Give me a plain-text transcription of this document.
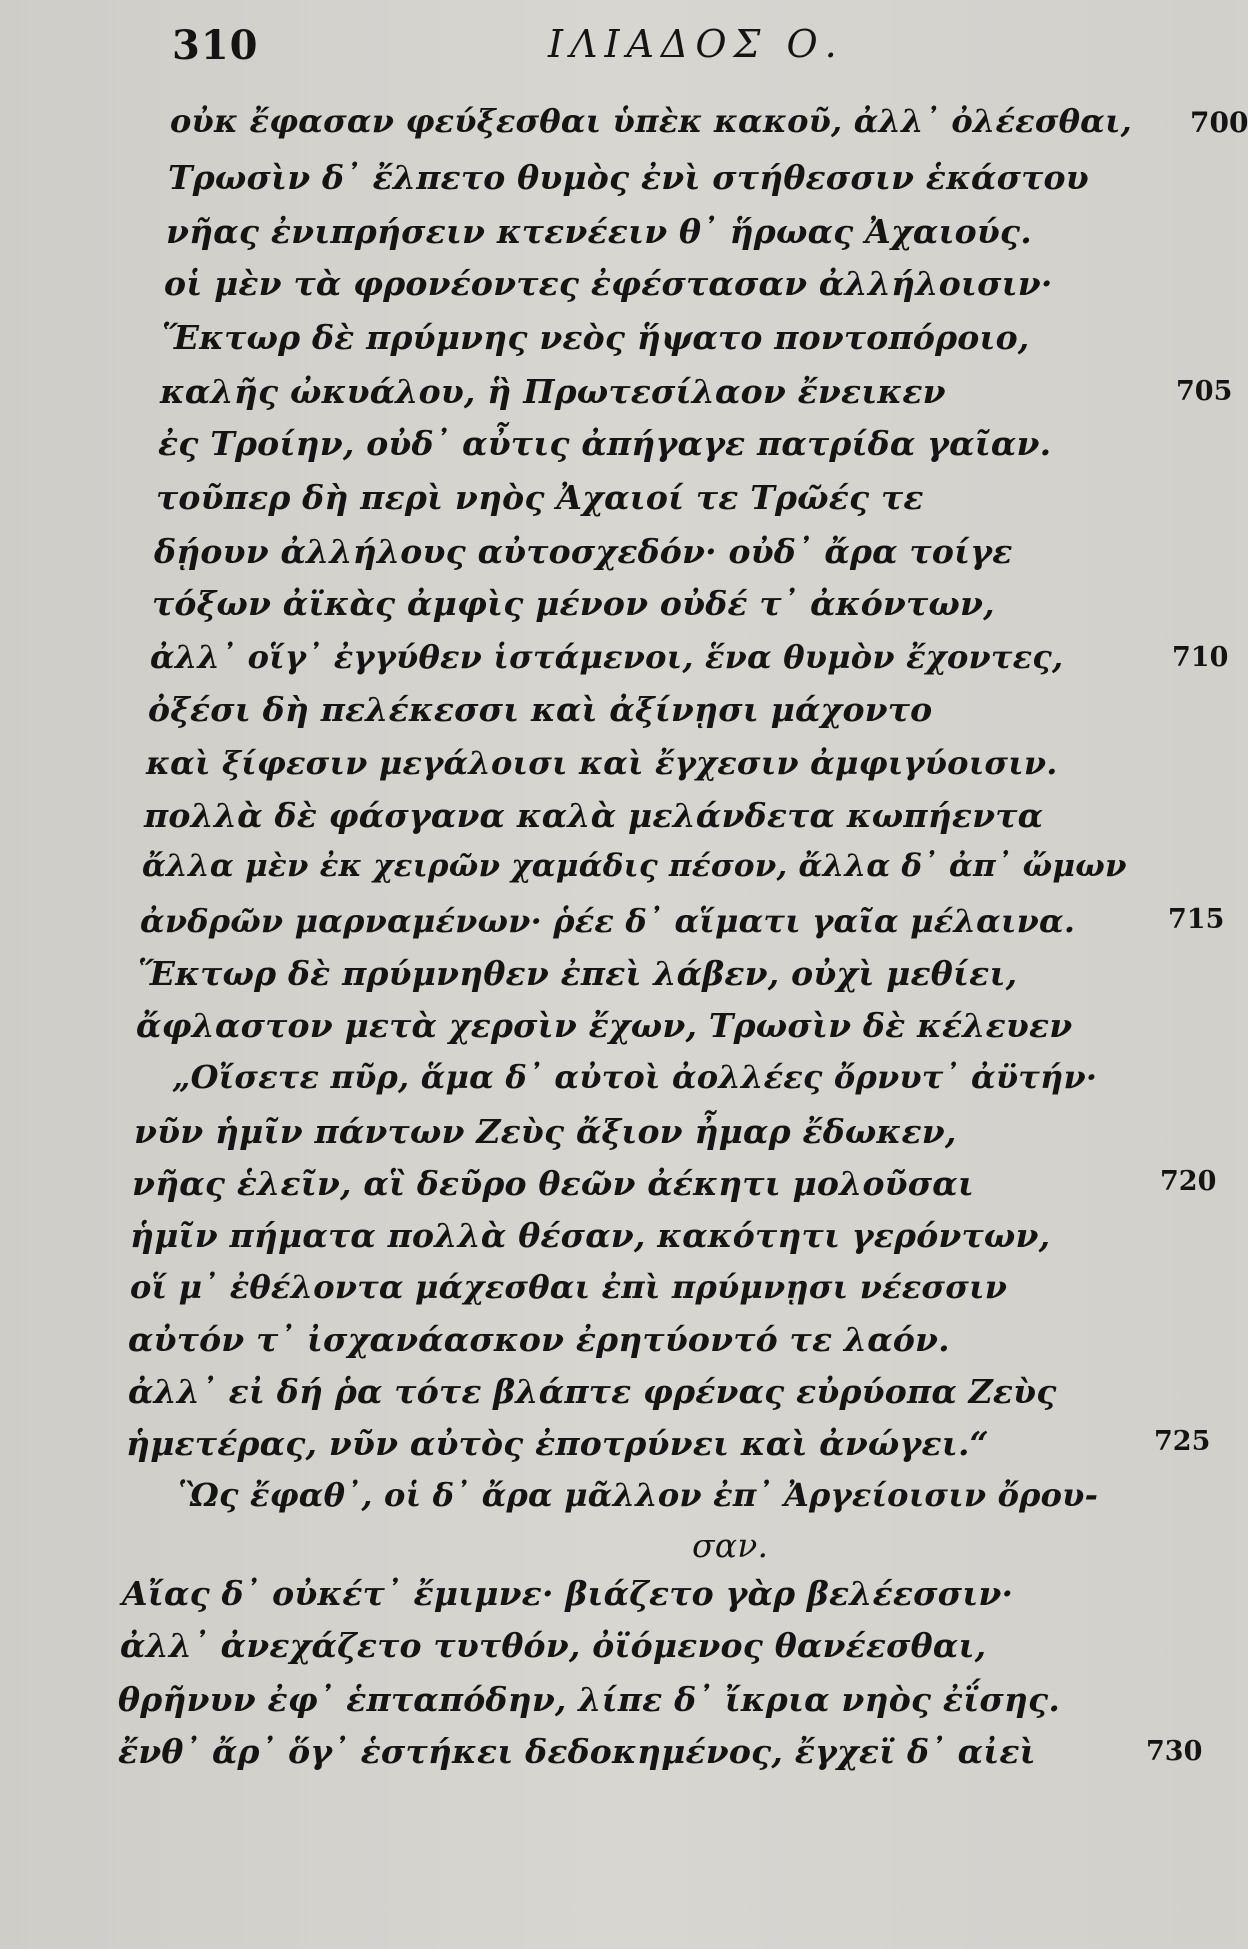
310	ΙΛΙΑΔΟΣ Ο.
οὐκ ἔφασαν φεύξεσθαι ὑπὲκ κακοῦ, ἀλλ᾽ ὀλέεσθαι,
Τρωσὶν δ᾽ ἔλπετο θυμὸς ἐνὶ στήθεσσιν ἑκάστου
νῆας ἐνιπρήσειν κτενέειν θ᾽ ἥρωας Ἀχαιούς.
οἱ μὲν τὰ φρονέοντες ἐφέστασαν ἀλλήλοισιν·
Ἕκτωρ δὲ πρύμνης νεὸς ἥψατο ποντοπόροιο,
καλῆς ὠκυάλου, ἣ Πρωτεσίλαον ἔνεικεν
ἐς Τροίην, οὐδ᾽ αὖτις ἀπήγαγε πατρίδα γαῖαν.
τοῦπερ δὴ περὶ νηὸς Ἀχαιοί τε Τρῶές τε
δῄουν ἀλλήλους αὐτοσχεδόν· οὐδ᾽ ἄρα τοίγε
τόξων ἀϊκὰς ἀμφὶς μένον οὐδέ τ᾽ ἀκόντων,
ἀλλ᾽ οἵγ᾽ ἐγγύθεν ἱστάμενοι, ἕνα θυμὸν ἔχοντες,
ὀξέσι δὴ πελέκεσσι καὶ ἀξίνῃσι μάχοντο
καὶ ξίφεσιν μεγάλοισι καὶ ἔγχεσιν ἀμφιγύοισιν.
πολλὰ δὲ φάσγανα καλὰ μελάνδετα κωπήεντα
ἄλλα μὲν ἐκ χειρῶν χαμάδις πέσον, ἄλλα δ᾽ ἀπ᾽ ὤμων
ἀνδρῶν μαρναμένων· ῥέε δ᾽ αἵματι γαῖα μέλαινα.
Ἕκτωρ δὲ πρύμνηθεν ἐπεὶ λάβεν, οὐχὶ μεθίει,
ἄφλαστον μετὰ χερσὶν ἔχων, Τρωσὶν δὲ κέλευεν
„Οἴσετε πῦρ, ἅμα δ᾽ αὐτοὶ ἀολλέες ὄρνυτ᾽ ἀϋτήν·
νῦν ἡμῖν πάντων Ζεὺς ἄξιον ἦμαρ ἔδωκεν,
νῆας ἑλεῖν, αἳ δεῦρο θεῶν ἀέκητι μολοῦσαι
ἡμῖν πήματα πολλὰ θέσαν, κακότητι γερόντων,
οἵ μ᾽ ἐθέλοντα μάχεσθαι ἐπὶ πρύμνῃσι νέεσσιν
αὐτόν τ᾽ ἰσχανάασκον ἐρητύοντό τε λαόν.
ἀλλ᾽ εἰ δή ῥα τότε βλάπτε φρένας εὐρύοπα Ζεὺς
ἡμετέρας, νῦν αὐτὸς ἐποτρύνει καὶ ἀνώγει.“
Ὣς ἔφαθ᾽, οἱ δ᾽ ἄρα μᾶλλον ἐπ᾽ Ἀργείοισιν ὄρου-
σαν.
Αἴας δ᾽ οὐκέτ᾽ ἔμιμνε· βιάζετο γὰρ βελέεσσιν·
ἀλλ᾽ ἀνεχάζετο τυτθόν, ὀϊόμενος θανέεσθαι,
θρῆνυν ἐφ᾽ ἑπταπόδην, λίπε δ᾽ ἴκρια νηὸς ἐΐσης.
ἔνθ᾽ ἄρ᾽ ὅγ᾽ ἑστήκει δεδοκημένος, ἔγχεϊ δ᾽ αἰεὶ
700
705
710
715
720
725
730
